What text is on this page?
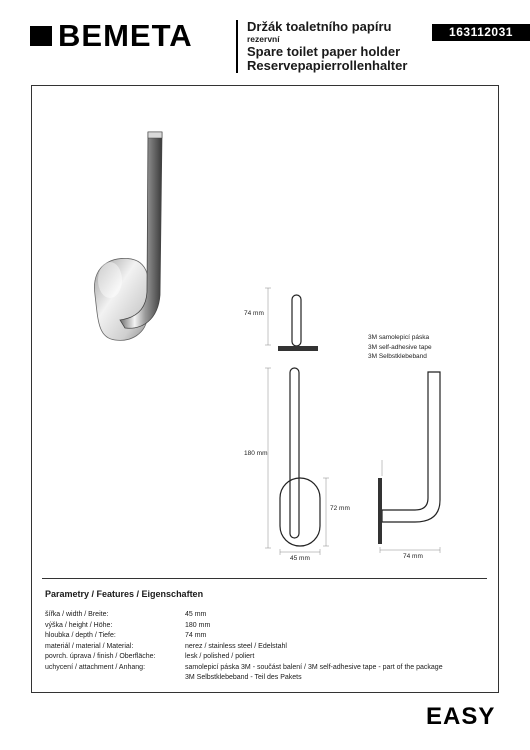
BEMETA	Držák toaletního papíru
rezervní
Spare toilet paper holder
Reservepapierrollenhalter
163112031
74 mm
180 mm
72 mm
45 mm	74 mm
3M samolepicí páska
3M self-adhesive tape
3M Selbstklebeband
Parametry / Features / Eigenschaften
šířka / width / Breite:	45 mm
výška / height / Höhe:	180 mm
hloubka / depth / Tiefe:	74 mm
materiál / material / Material:	nerez / stainless steel / Edelstahl
povrch. úprava / finish / Oberfläche:	lesk / polished / poliert
uchycení / attachment / Anhang:	samolepicí páska 3M - součást balení / 3M self-adhesive tape - part of the package
3M Selbstklebeband - Teil des Pakets
EASY
